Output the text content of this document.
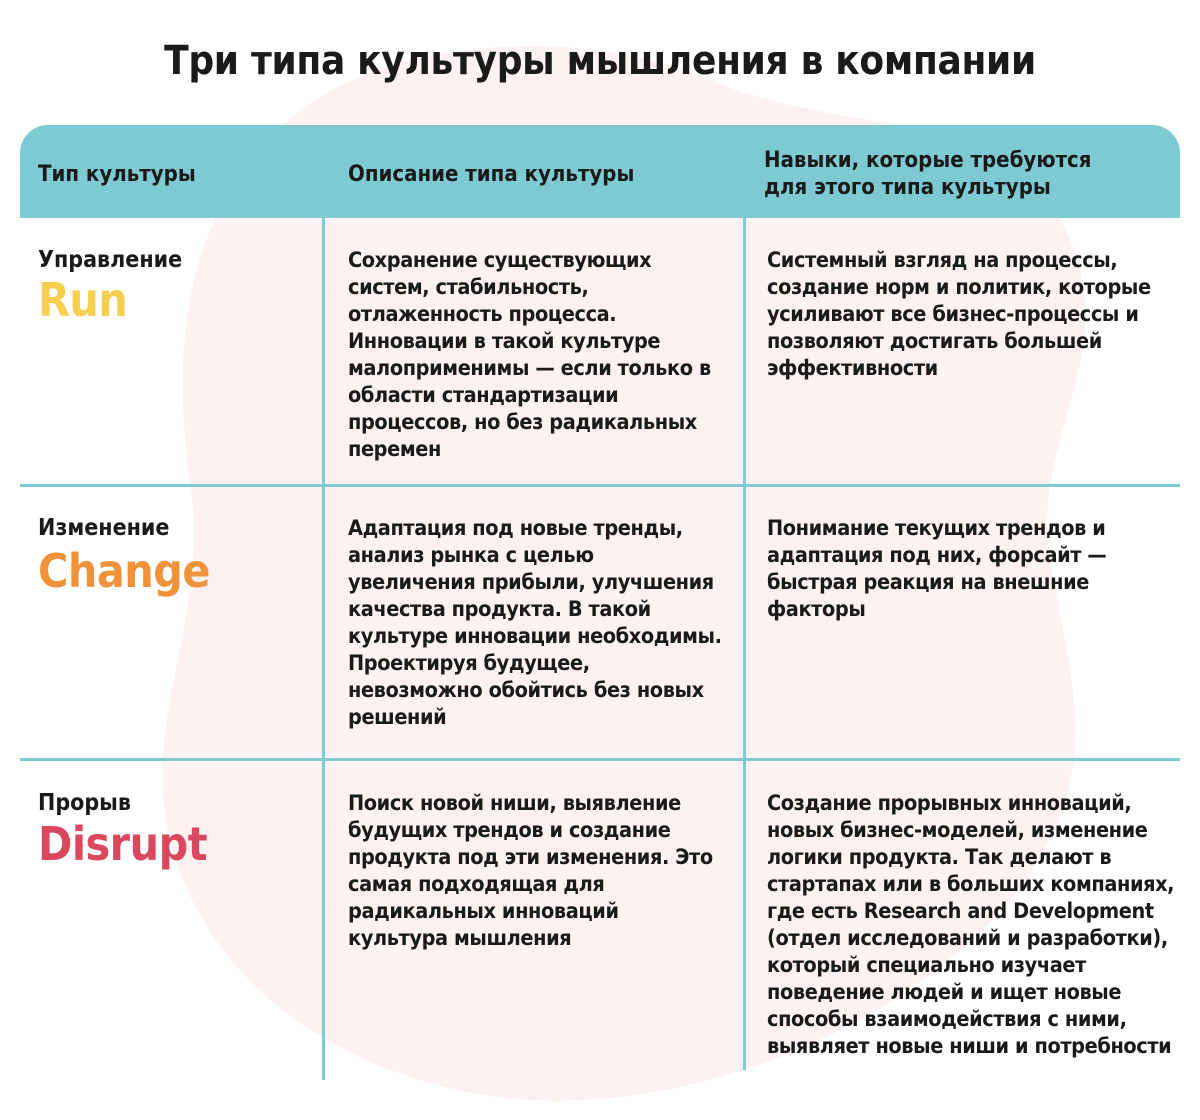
Три типа культуры мышления в компании
Тип культуры	Описание типа культуры
Навыки, которые требуются
для этого типа культуры
Управление
Run
Сохранение существующих
систем, стабильность,
отлаженность процесса.
Инновации в такой культуре
малоприменимы — если только в
области стандартизации
процессов, но без радикальных
перемен
Системный взгляд на процессы,
создание норм и политик, которые
усиливают все бизнес-процессы и
позволяют достигать большей
эффективности
Изменение
Change
Адаптация под новые тренды,
анализ рынка с целью
увеличения прибыли, улучшения
качества продукта. В такой
культуре инновации необходимы.
Проектируя будущее,
невозможно обойтись без новых
решений
Понимание текущих трендов и
адаптация под них, форсайт —
быстрая реакция на внешние
факторы
Прорыв
Disrupt
Поиск новой ниши, выявление
будущих трендов и создание
продукта под эти изменения. Это
самая подходящая для
радикальных инноваций
культура мышления
Создание прорывных инноваций,
новых бизнес-моделей, изменение
логики продукта. Так делают в
стартапах или в больших компаниях,
где есть Research and Development
(отдел исследований и разработки),
который специально изучает
поведение людей и ищет новые
способы взаимодействия с ними,
выявляет новые ниши и потребности
